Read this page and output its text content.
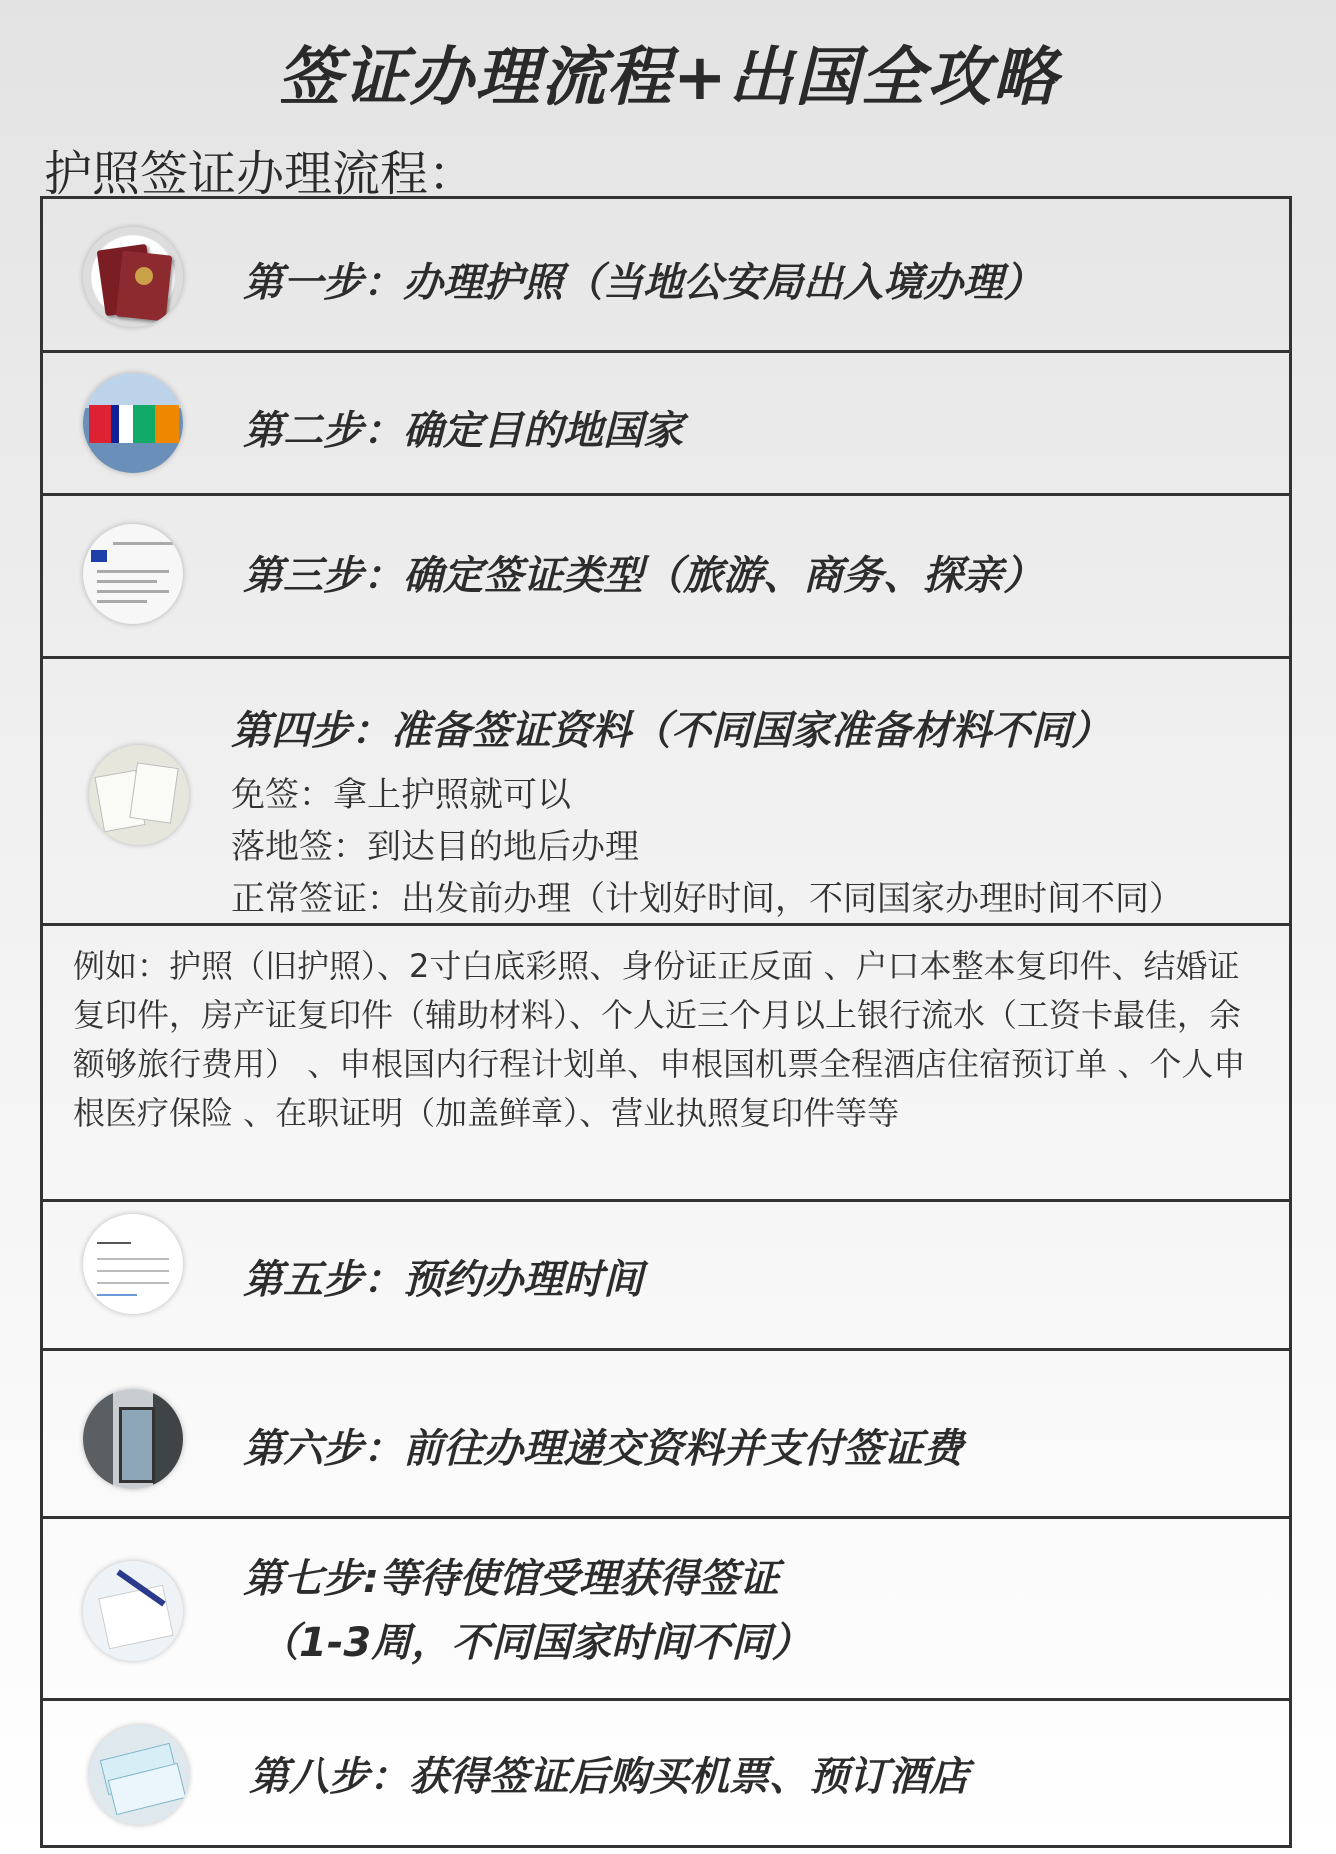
签证办理流程+出国全攻略
护照签证办理流程：
第一步：办理护照（当地公安局出入境办理）
第二步：确定目的地国家
第三步：确定签证类型（旅游、商务、探亲）
第四步：准备签证资料（不同国家准备材料不同）
免签：拿上护照就可以
落地签：到达目的地后办理
正常签证：出发前办理（计划好时间，不同国家办理时间不同）
例如：护照（旧护照）、2寸白底彩照、身份证正反面 、户口本整本复印件、结婚证复印件，房产证复印件（辅助材料）、个人近三个月以上银行流水（工资卡最佳，余额够旅行费用） 、申根国内行程计划单、申根国机票全程酒店住宿预订单 、个人申根医疗保险 、在职证明（加盖鲜章）、营业执照复印件等等
第五步：预约办理时间
第六步：前往办理递交资料并支付签证费
第七步:等待使馆受理获得签证
（1-3周，不同国家时间不同）
第八步：获得签证后购买机票、预订酒店
